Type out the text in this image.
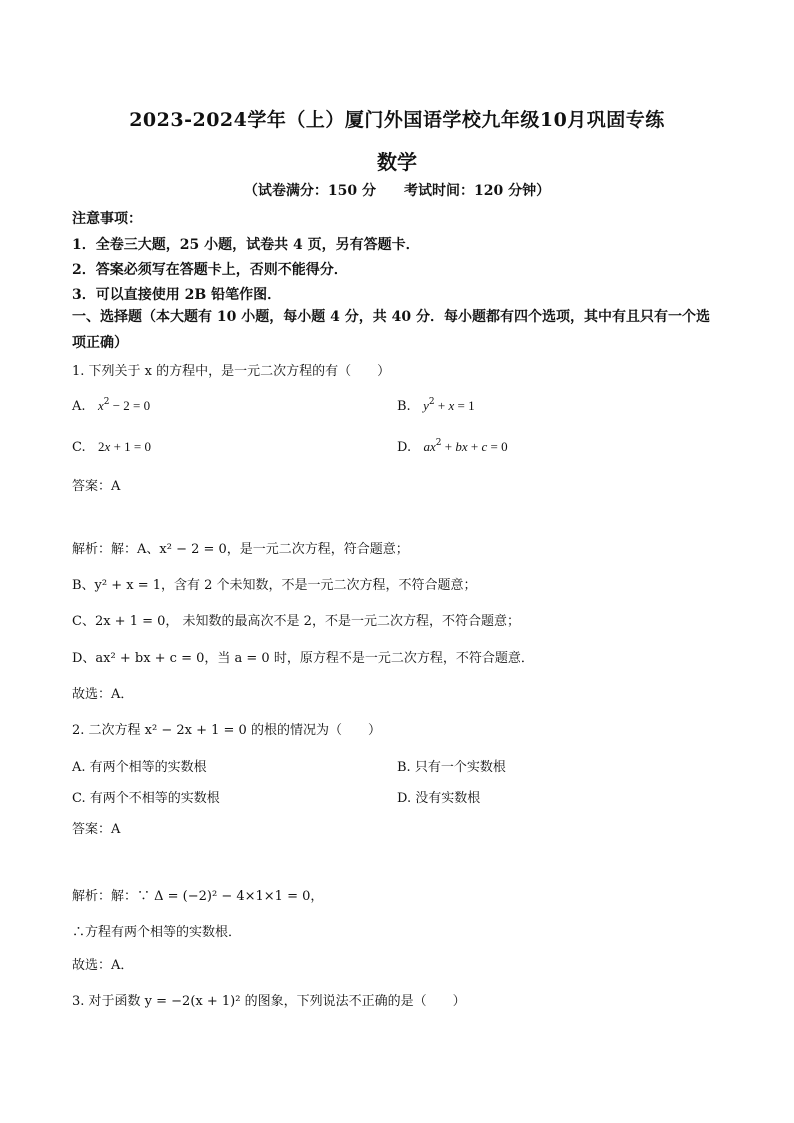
2023-2024学年（上）厦门外国语学校九年级10月巩固专练
数学
（试卷满分：150 分　　考试时间：120 分钟）
注意事项：
1．全卷三大题，25 小题，试卷共 4 页，另有答题卡．
2．答案必须写在答题卡上，否则不能得分．
3．可以直接使用 2B 铅笔作图．
一、选择题（本大题有 10 小题，每小题 4 分，共 40 分．每小题都有四个选项，其中有且只有一个选项正确）
1. 下列关于 x 的方程中，是一元二次方程的有（　　）
A. $x^2 - 2 = 0$	B. $y^2 + x = 1$
C. 2x + 1 = 0	D. $ax^2$ + bx + c = 0
答案：A
解析：解：A、x² − 2 = 0，是一元二次方程，符合题意；
B、y² + x = 1，含有 2 个未知数，不是一元二次方程，不符合题意；
C、2x + 1 = 0， 未知数的最高次不是 2，不是一元二次方程，不符合题意；
D、ax² + bx + c = 0，当 a = 0 时，原方程不是一元二次方程，不符合题意．
故选：A．
2. 二次方程 x² − 2x + 1 = 0 的根的情况为（　　）
A. 有两个相等的实数根	B. 只有一个实数根
C. 有两个不相等的实数根	D. 没有实数根
答案：A
解析：解：∵ Δ = (−2)² − 4×1×1 = 0，
∴方程有两个相等的实数根．
故选：A．
3. 对于函数 y = −2(x + 1)² 的图象，下列说法不正确的是（　　）
